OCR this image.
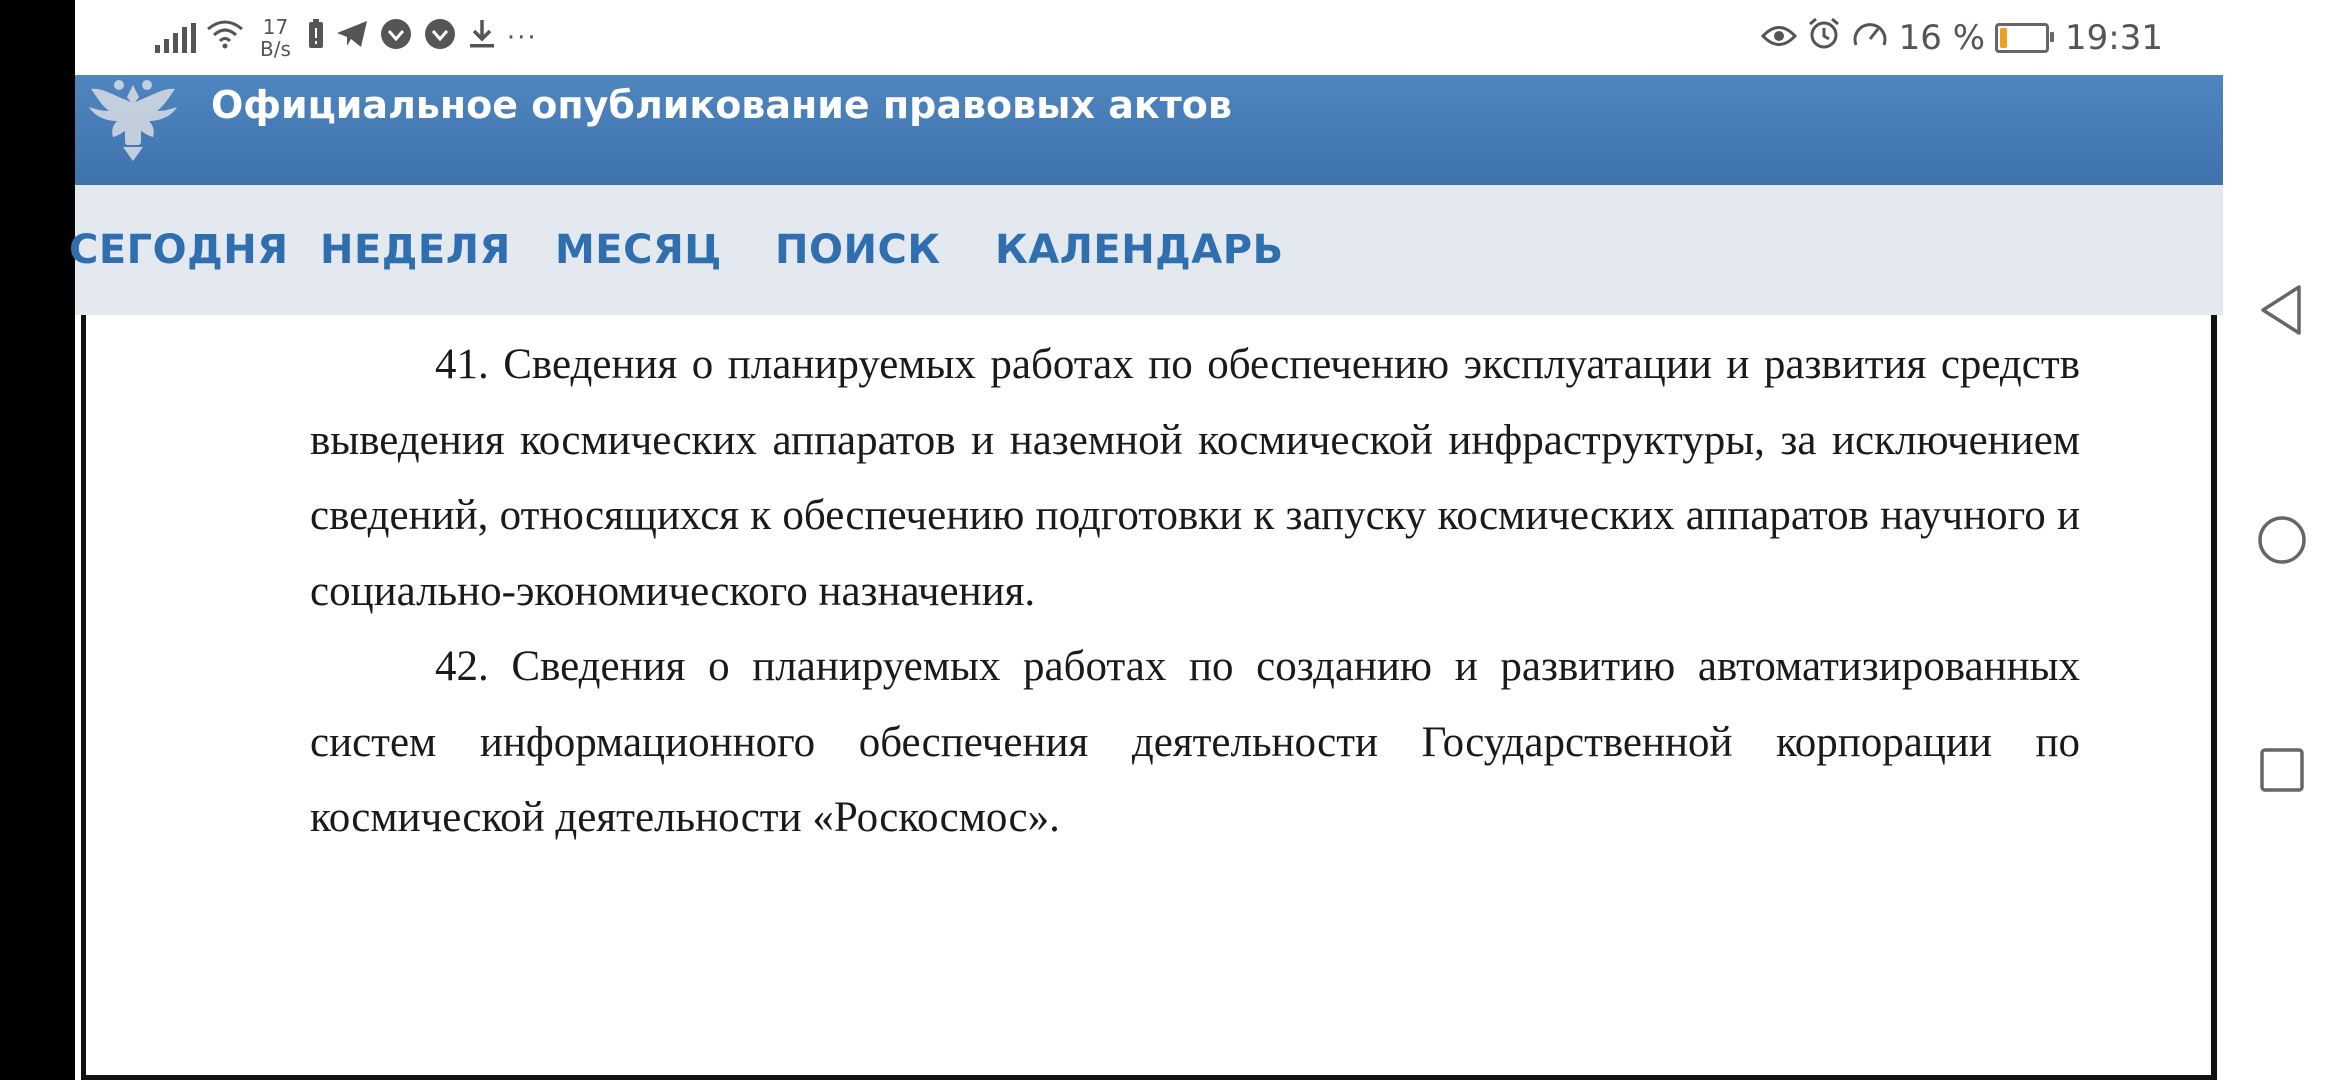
17
B/s	···	16 % 19:31
Официальное опубликование правовых актов
СЕГОДНЯ НЕДЕЛЯ МЕСЯЦ ПОИСК КАЛЕНДАРЬ

41. Сведения о планируемых работах по обеспечению эксплуатации и развития средств выведения космических аппаратов и наземной космической инфраструктуры, за исключением сведений, относящихся к обеспечению подготовки к запуску космических аппаратов научного и социально-экономического назначения.

42. Сведения о планируемых работах по созданию и развитию автоматизированных систем информационного обеспечения деятельности Государственной корпорации по космической деятельности «Роскосмос».
